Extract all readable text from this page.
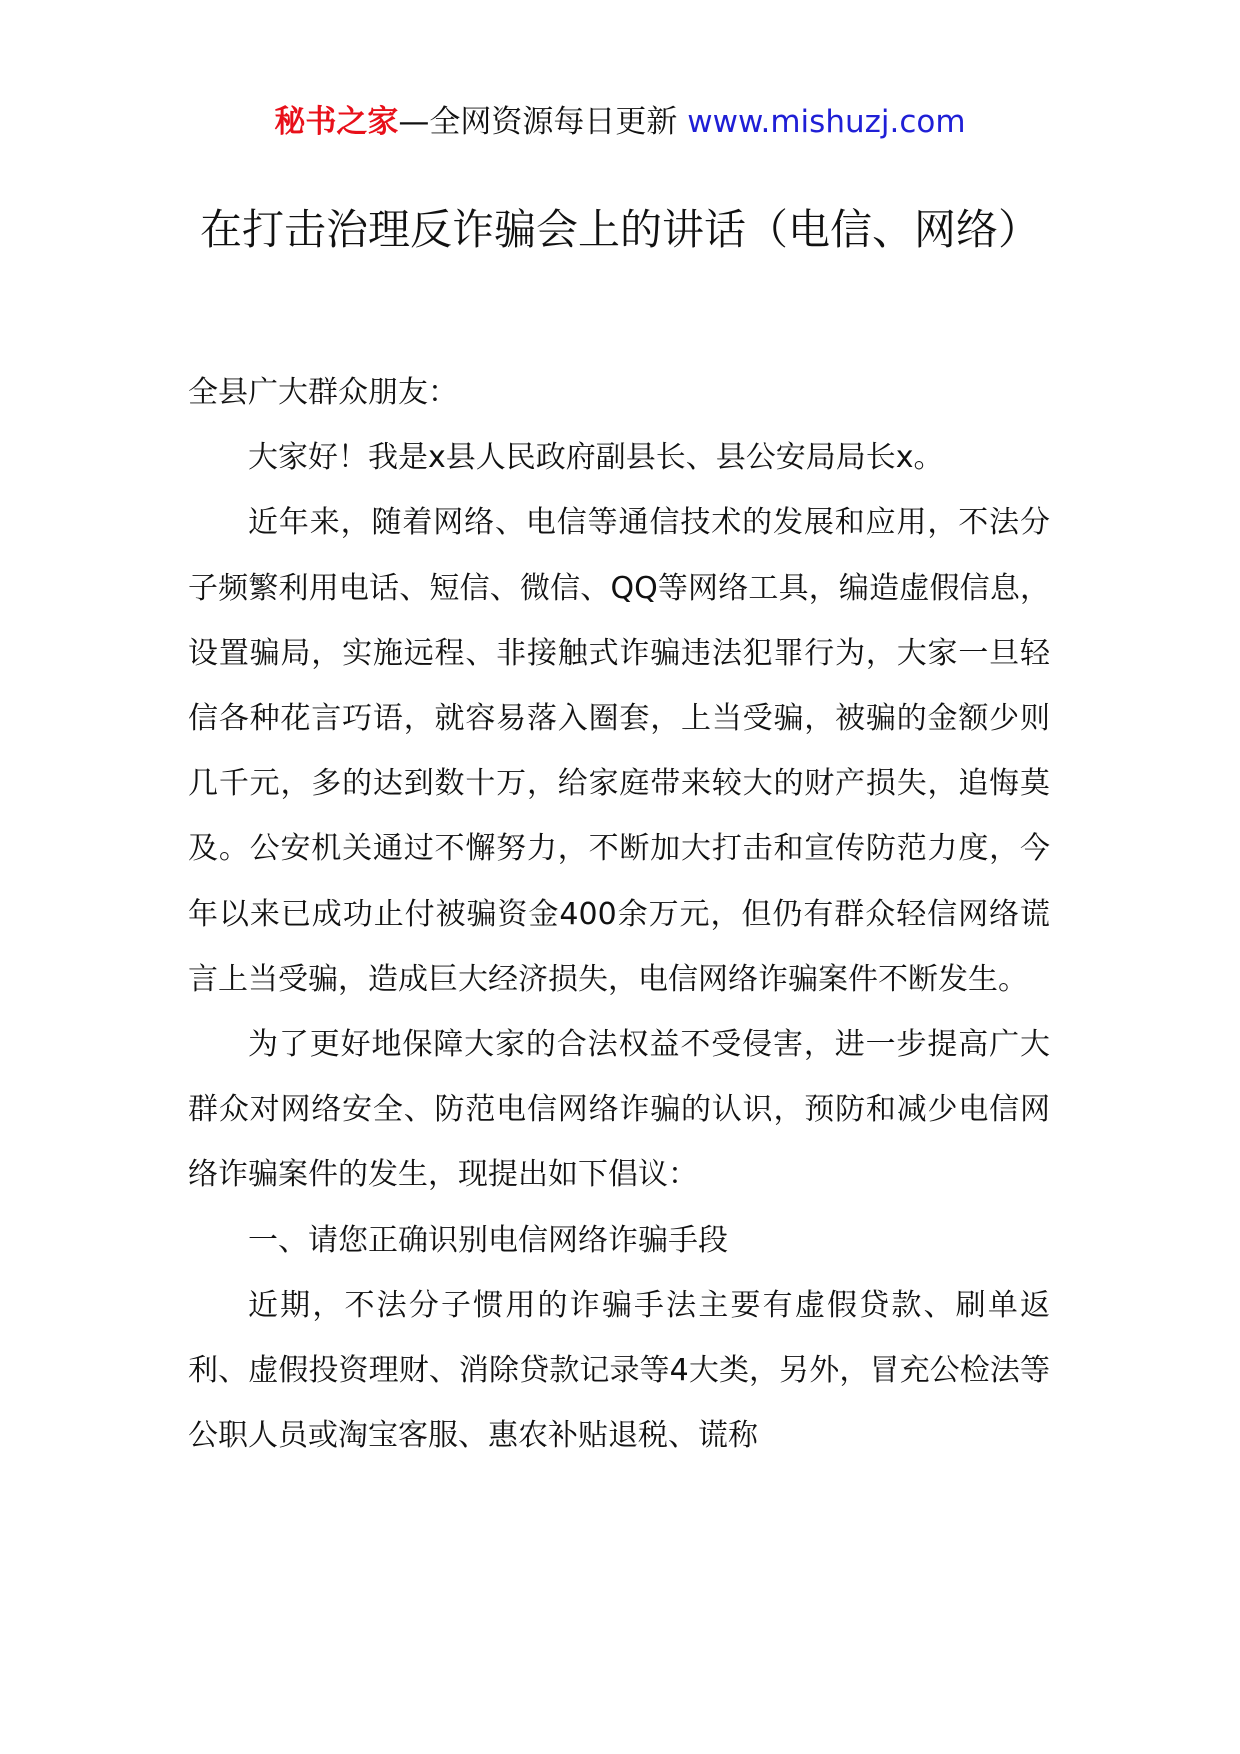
秘书之家—全网资源每日更新 www.mishuzj.com
在打击治理反诈骗会上的讲话（电信、网络）

全县广大群众朋友：

大家好！我是x县人民政府副县长、县公安局局长x。

近年来，随着网络、电信等通信技术的发展和应用，不法分子频繁利用电话、短信、微信、QQ等网络工具，编造虚假信息，设置骗局，实施远程、非接触式诈骗违法犯罪行为，大家一旦轻信各种花言巧语，就容易落入圈套，上当受骗，被骗的金额少则几千元，多的达到数十万，给家庭带来较大的财产损失，追悔莫及。公安机关通过不懈努力，不断加大打击和宣传防范力度，今年以来已成功止付被骗资金400余万元，但仍有群众轻信网络谎言上当受骗，造成巨大经济损失，电信网络诈骗案件不断发生。

为了更好地保障大家的合法权益不受侵害，进一步提高广大群众对网络安全、防范电信网络诈骗的认识，预防和减少电信网络诈骗案件的发生，现提出如下倡议：

一、请您正确识别电信网络诈骗手段

近期，不法分子惯用的诈骗手法主要有虚假贷款、刷单返利、虚假投资理财、消除贷款记录等4大类，另外，冒充公检法等公职人员或淘宝客服、惠农补贴退税、谎称
